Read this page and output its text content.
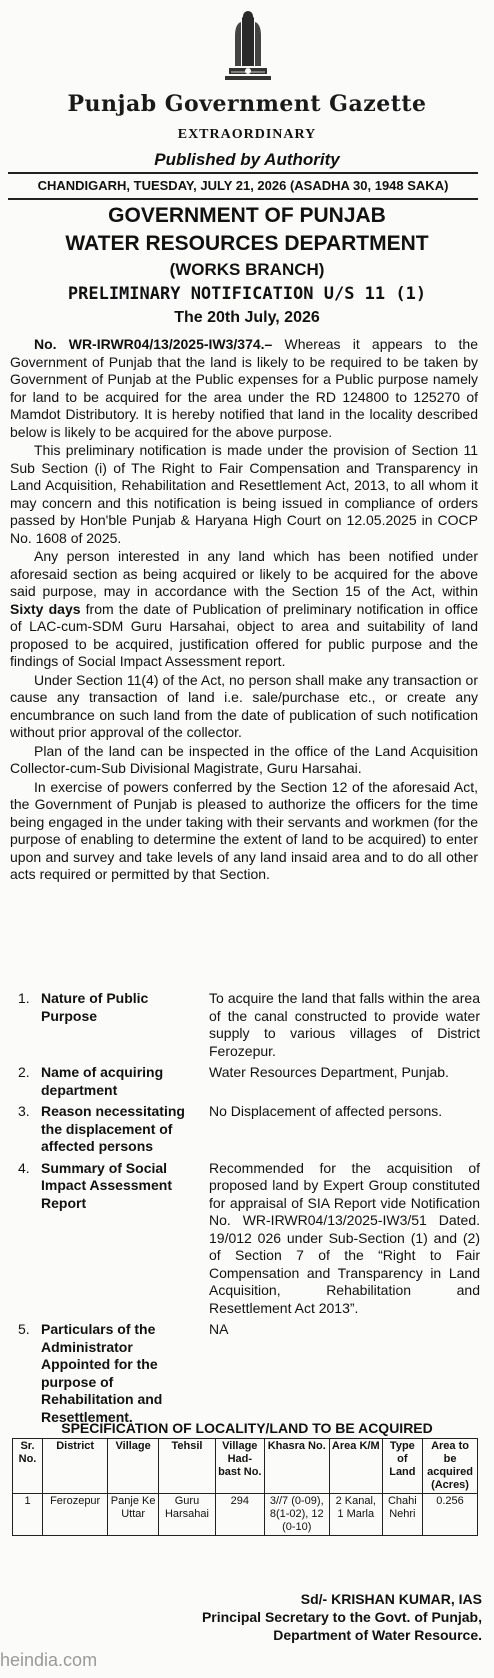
Punjab Government Gazette
EXTRAORDINARY
Published by Authority
CHANDIGARH, TUESDAY, JULY 21, 2026 (ASADHA 30, 1948 SAKA)
GOVERNMENT OF PUNJAB
WATER RESOURCES DEPARTMENT
(WORKS BRANCH)
PRELIMINARY NOTIFICATION U/S 11 (1)
The 20th July, 2026

No. WR-IRWR04/13/2025-IW3/374.– Whereas it appears to the Government of Punjab that the land is likely to be required to be taken by Government of Punjab at the Public expenses for a Public purpose namely for land to be acquired for the area under the RD 124800 to 125270 of Mamdot Distributory. It is hereby notified that land in the locality described below is likely to be acquired for the above purpose.

This preliminary notification is made under the provision of Section 11 Sub Section (i) of The Right to Fair Compensation and Transparency in Land Acquisition, Rehabilitation and Resettlement Act, 2013, to all whom it may concern and this notification is being issued in compliance of orders passed by Hon'ble Punjab & Haryana High Court on 12.05.2025 in COCP No. 1608 of 2025.

Any person interested in any land which has been notified under aforesaid section as being acquired or likely to be acquired for the above said purpose, may in accordance with the Section 15 of the Act, within Sixty days from the date of Publication of preliminary notification in office of LAC-cum-SDM Guru Harsahai, object to area and suitability of land proposed to be acquired, justification offered for public purpose and the findings of Social Impact Assessment report.

Under Section 11(4) of the Act, no person shall make any transaction or cause any transaction of land i.e. sale/purchase etc., or create any encumbrance on such land from the date of publication of such notification without prior approval of the collector.

Plan of the land can be inspected in the office of the Land Acquisition Collector-cum-Sub Divisional Magistrate, Guru Harsahai.

In exercise of powers conferred by the Section 12 of the aforesaid Act, the Government of Punjab is pleased to authorize the officers for the time being engaged in the under taking with their servants and workmen (for the purpose of enabling to determine the extent of land to be acquired) to enter upon and survey and take levels of any land insaid area and to do all other acts required or permitted by that Section.

1. Nature of Public Purpose
To acquire the land that falls within the area of the canal constructed to provide water supply to various villages of District Ferozepur.
2. Name of acquiring department
Water Resources Department, Punjab.
3. Reason necessitating the displacement of affected persons
No Displacement of affected persons.
4. Summary of Social Impact Assessment Report
Recommended for the acquisition of proposed land by Expert Group constituted for appraisal of SIA Report vide Notification No. WR-IRWR04/13/2025-IW3/51 Dated. 19/012 026 under Sub-Section (1) and (2) of Section 7 of the “Right to Fair Compensation and Transparency in Land Acquisition, Rehabilitation and Resettlement Act 2013”.
5. Particulars of the Administrator Appointed for the purpose of Rehabilitation and Resettlement.
NA
SPECIFICATION OF LOCALITY/LAND TO BE ACQUIRED
Sr. No.	District	Village	Tehsil	Village Had-bast No.	Khasra No.	Area K/M	Type of Land	Area to be acquired (Acres)
1	Ferozepur	Panje Ke Uttar	Guru Harsahai	294	3//7 (0-09), 8(1-02), 12 (0-10)	2 Kanal, 1 Marla	Chahi Nehri	0.256
Sd/- KRISHAN KUMAR, IAS
Principal Secretary to the Govt. of Punjab,
Department of Water Resource.
heindia.com
